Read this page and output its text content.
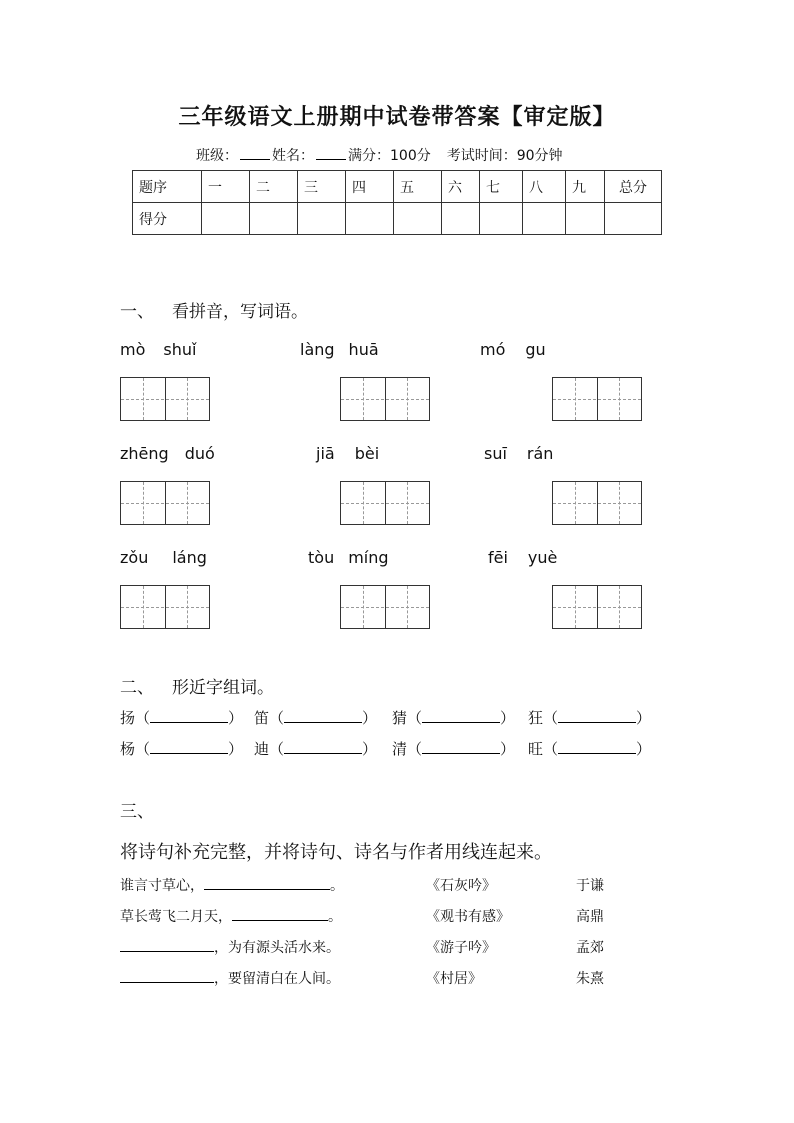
三年级语文上册期中试卷带答案【审定版】
班级： 姓名： 满分：100分 考试时间：90分钟
题序	一	二	三	四	五	六	七	八	九	总分
得分										
一、 看拼音，写词语。
mò shuǐ	làng huā	mó gu
zhēng duó	jiā bèi	suī rán
zǒu láng	tòu míng	fēi yuè
二、 形近字组词。
扬（	） 笛（	） 猜（	） 狂（	）
杨（	） 迪（	） 清（	） 旺（	）
三、
将诗句补充完整，并将诗句、诗名与作者用线连起来。
谁言寸草心，	。	《石灰吟》	于谦
草长莺飞二月天，	。	《观书有感》	高鼎
，为有源头活水来。	《游子吟》	孟郊
，要留清白在人间。	《村居》	朱熹
